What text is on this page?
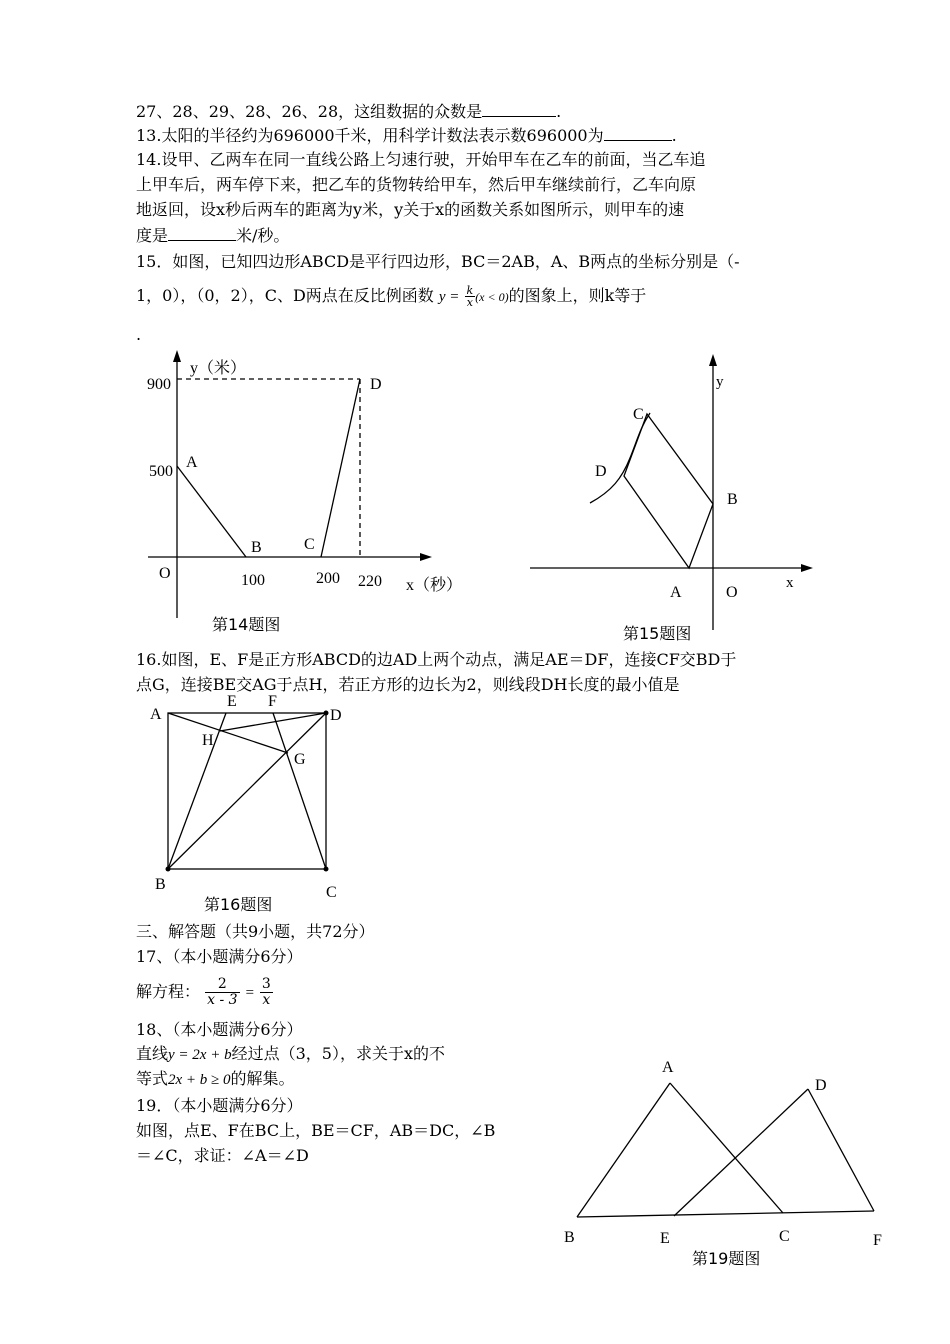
27、28、29、28、26、28，这组数据的众数是	.
13.太阳的半径约为696000千米，用科学计数法表示数696000为	.
14.设甲、乙两车在同一直线公路上匀速行驶，开始甲车在乙车的前面，当乙车追
上甲车后，两车停下来，把乙车的货物转给甲车，然后甲车继续前行，乙车向原
地返回，设x秒后两车的距离为y米，y关于x的函数关系如图所示，则甲车的速
度是	米/秒。
15．如图，已知四边形ABCD是平行四边形，BC＝2AB，A、B两点的坐标分别是（-
1，0），（0，2），C、D两点在反比例函数 $y = \frac{k}{x} (x < 0)$的图象上，则k等于
.
y（米）
900
500
A
B	C
D
O	100	200 220 x（秒）
第14题图
C
D
B
A	O
y
x
第15题图
16.如图，E、F是正方形ABCD的边AD上两个动点，满足AE＝DF，连接CF交BD于
点G，连接BE交AG于点H，若正方形的边长为2，则线段DH长度的最小值是
A
E F
D
H
G
B	C
第16题图
三、解答题（共9小题，共72分）
17、（本小题满分6分）
解方程： $\frac{2}{x - 3} = \frac{3}{x}$
18、（本小题满分6分）
直线y = 2x + b经过点（3，5），求关于x的不
等式2x + b ≥ 0的解集。
19．（本小题满分6分）
如图，点E、F在BC上，BE＝CF，AB＝DC，∠B
＝∠C，求证：∠A＝∠D
A
D
B	E	C	F
第19题图
